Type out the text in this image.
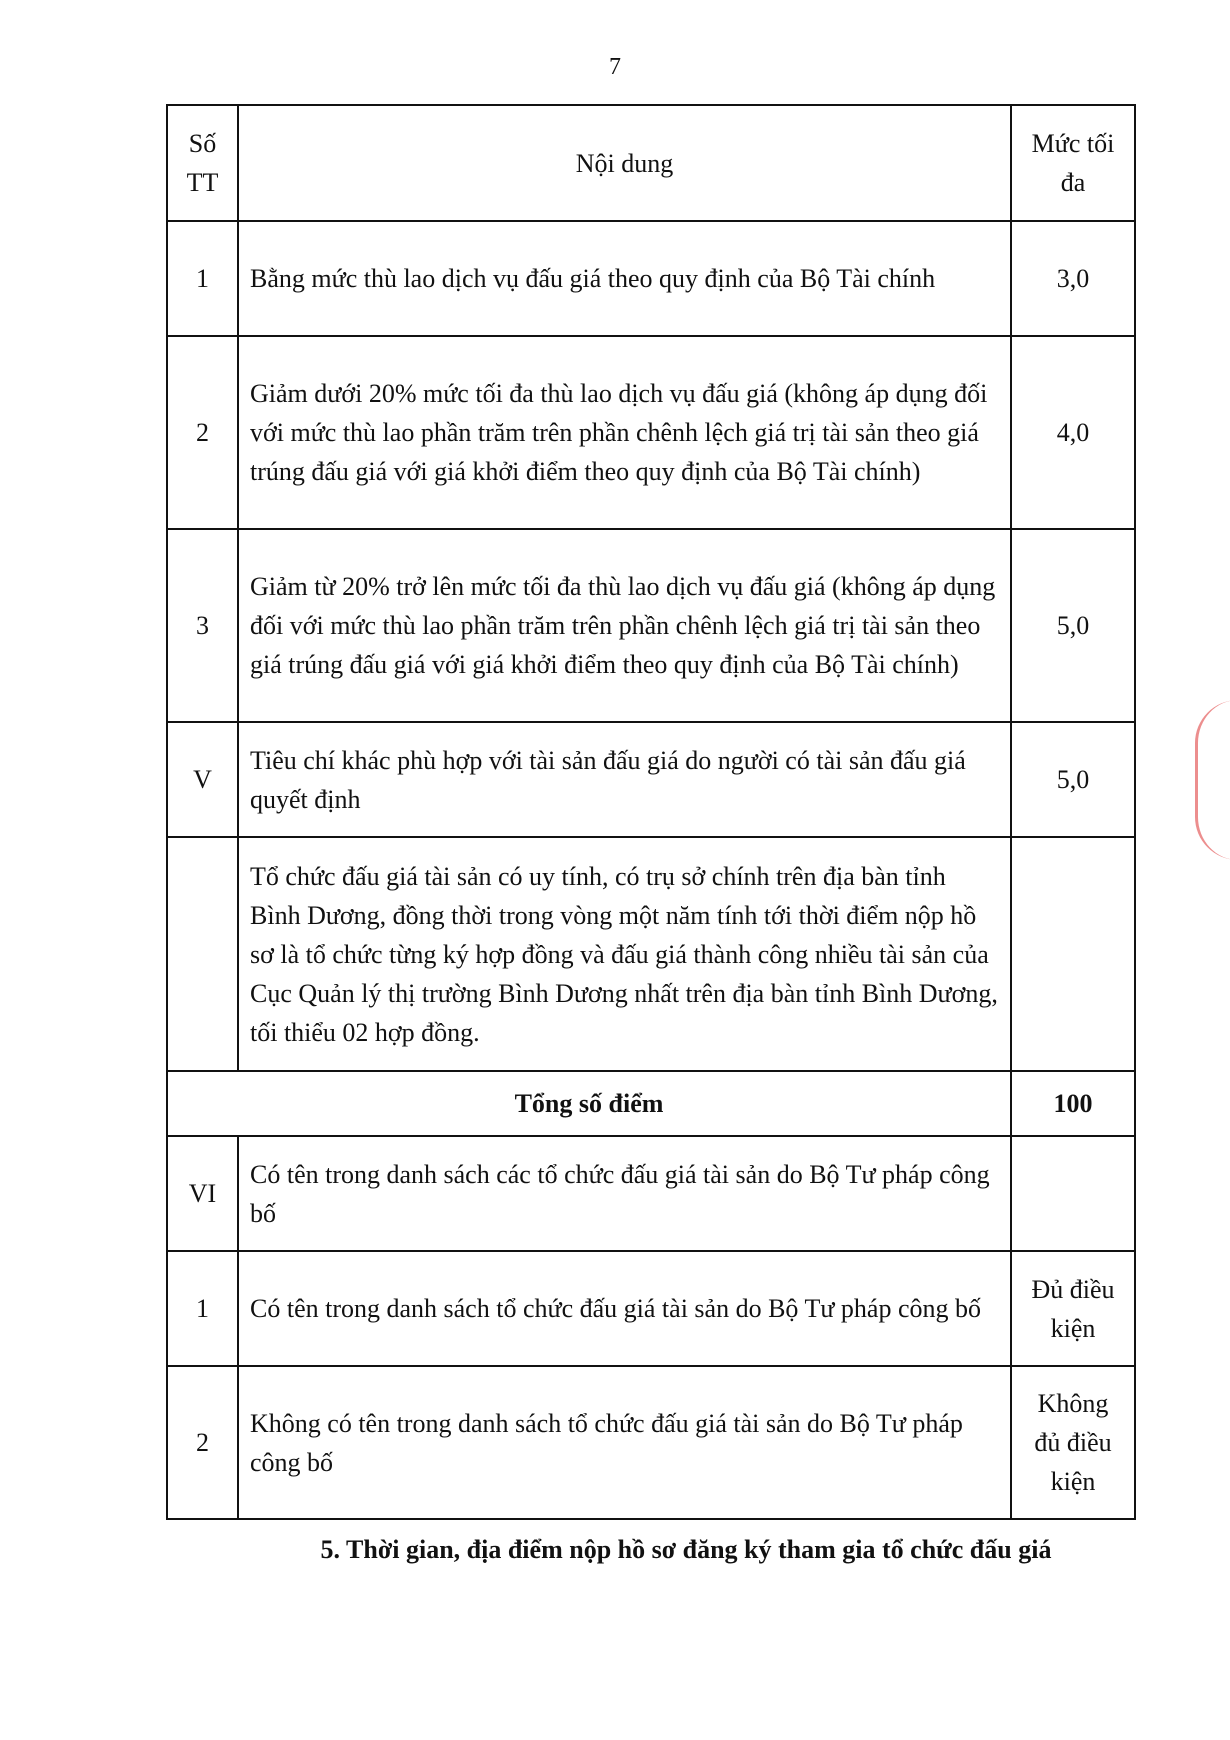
7
Số TT	Nội dung	Mức tối đa

1	Bằng mức thù lao dịch vụ đấu giá theo quy định của Bộ Tài chính	3,0
2	Giảm dưới 20% mức tối đa thù lao dịch vụ đấu giá (không áp dụng đối với mức thù lao phần trăm trên phần chênh lệch giá trị tài sản theo giá trúng đấu giá với giá khởi điểm theo quy định của Bộ Tài chính)	4,0
3	Giảm từ 20% trở lên mức tối đa thù lao dịch vụ đấu giá (không áp dụng đối với mức thù lao phần trăm trên phần chênh lệch giá trị tài sản theo giá trúng đấu giá với giá khởi điểm theo quy định của Bộ Tài chính)	5,0
V	Tiêu chí khác phù hợp với tài sản đấu giá do người có tài sản đấu giá quyết định	5,0
	Tổ chức đấu giá tài sản có uy tính, có trụ sở chính trên địa bàn tỉnh Bình Dương, đồng thời trong vòng một năm tính tới thời điểm nộp hồ sơ là tổ chức từng ký hợp đồng và đấu giá thành công nhiều tài sản của Cục Quản lý thị trường Bình Dương nhất trên địa bàn tỉnh Bình Dương, tối thiểu 02 hợp đồng.	
Tổng số điểm		100
VI	Có tên trong danh sách các tổ chức đấu giá tài sản do Bộ Tư pháp công bố	
1	Có tên trong danh sách tổ chức đấu giá tài sản do Bộ Tư pháp công bố	Đủ điều kiện

2	Không có tên trong danh sách tổ chức đấu giá tài sản do Bộ Tư pháp công bố	Không đủ điều kiện
5. Thời gian, địa điểm nộp hồ sơ đăng ký tham gia tổ chức đấu giá
